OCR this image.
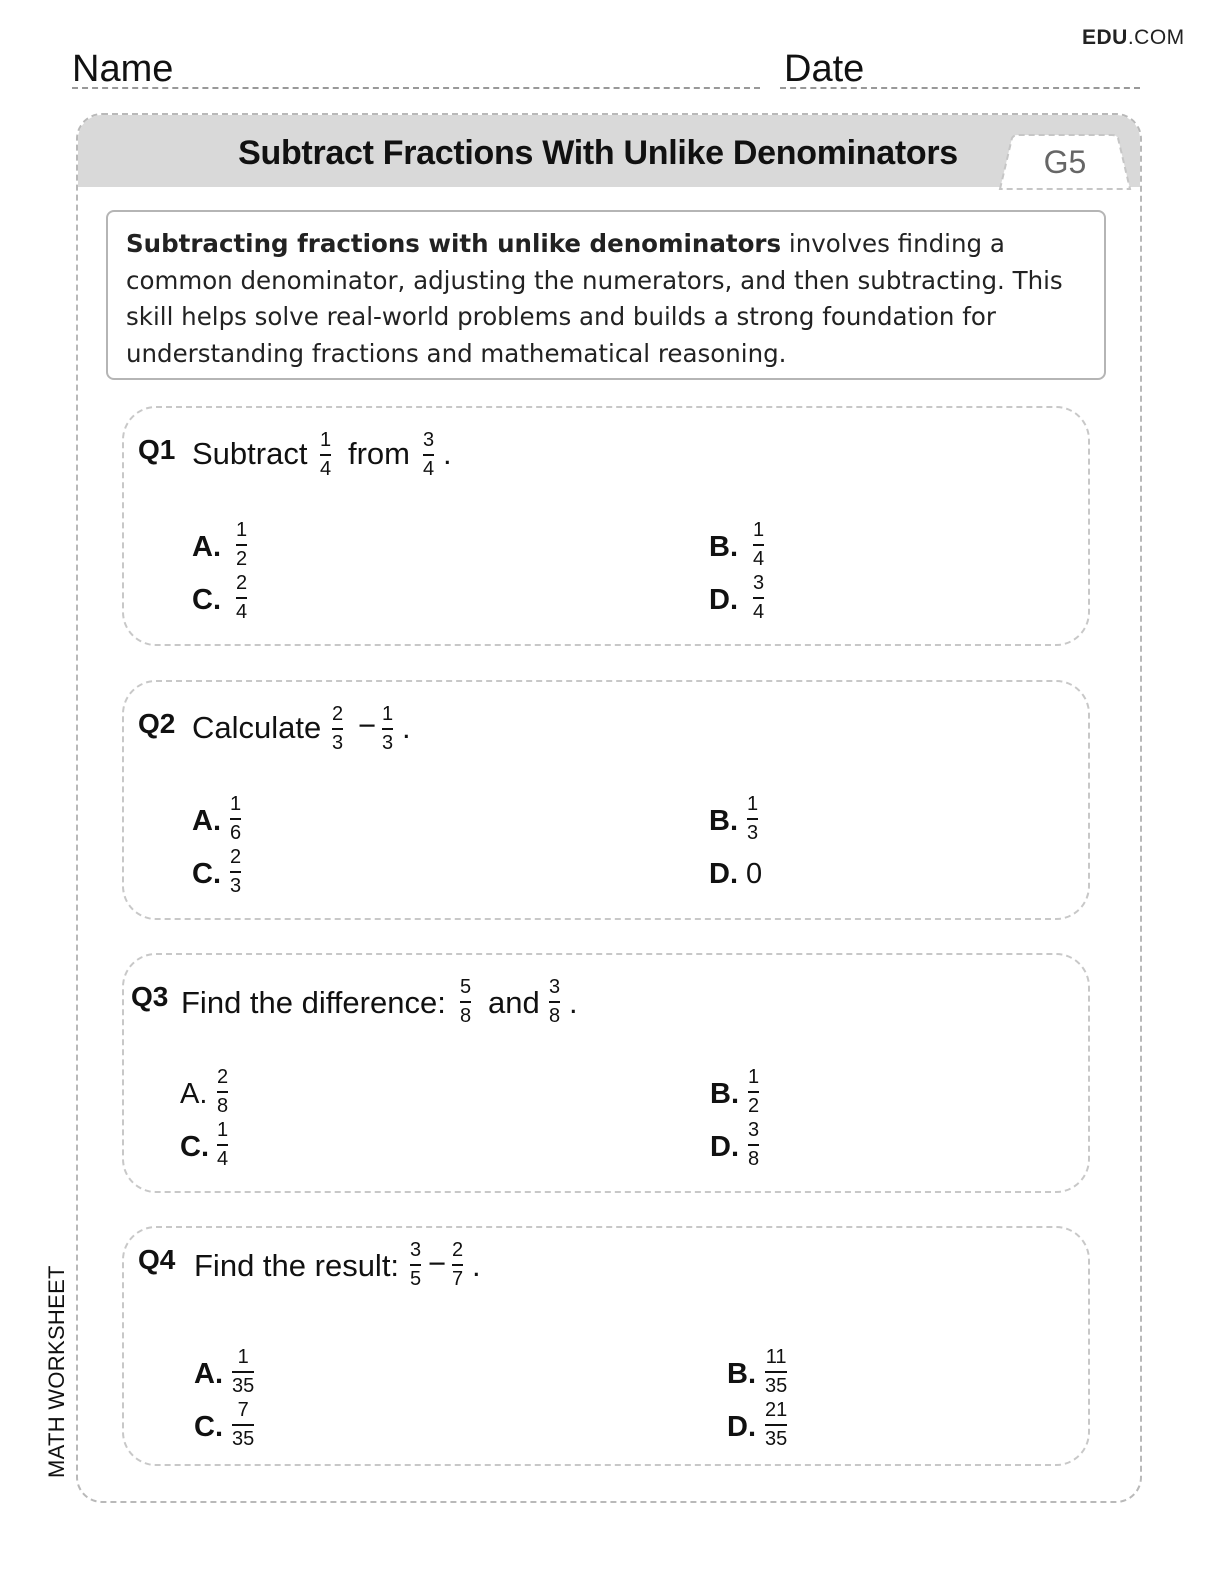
EDU.COM
Name	Date
Subtract Fractions With Unlike Denominators	G5
Subtracting fractions with unlike denominators involves finding a common denominator, adjusting the numerators, and then subtracting. This skill helps solve real-world problems and builds a strong foundation for understanding fractions and mathematical reasoning.
Q1 Subtract 1
4 from 3
4 .
A.
1
2	B.
1
4
C.
2
4	D.
3
4
Q2 Calculate 2
3 − 1
3 .
A.
1
6	B.
1
3
C.
2
3	D. 0
Q3 Find the difference: 5
8 and 3
8 .
A.
2
8	B.
1
2
C.
1
4	D.
3
8
Q4 Find the result: 3
5 − 2
7 .
A.
1
35	B.
11
35
C.
7
35	D.
21
35
MATH WORKSHEET
